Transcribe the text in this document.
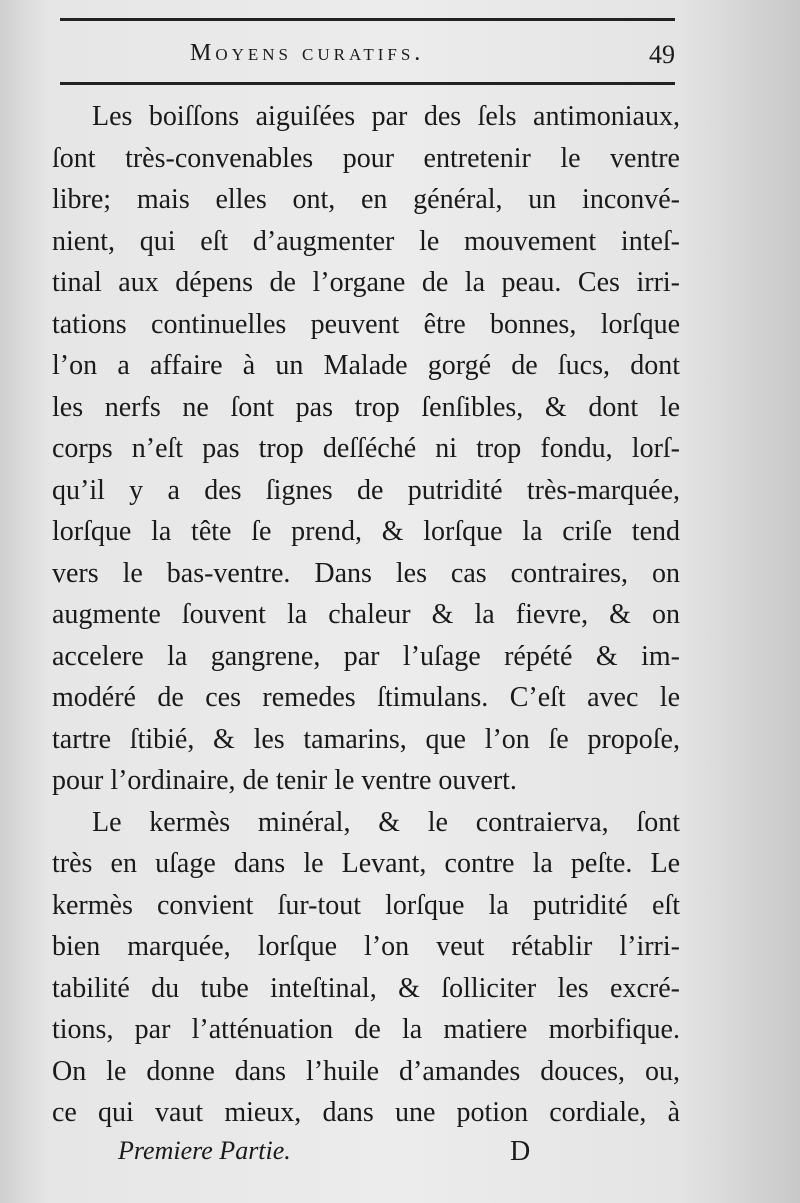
Moyens curatifs.	49
Les boiſſons aiguiſées par des ſels antimoniaux,
ſont très-convenables pour entretenir le ventre
libre; mais elles ont, en général, un inconvé-
nient, qui eſt d’augmenter le mouvement inteſ-
tinal aux dépens de l’organe de la peau. Ces irri-
tations continuelles peuvent être bonnes, lorſque
l’on a affaire à un Malade gorgé de ſucs, dont
les nerfs ne ſont pas trop ſenſibles, & dont le
corps n’eſt pas trop deſſéché ni trop fondu, lorſ-
qu’il y a des ſignes de putridité très-marquée,
lorſque la tête ſe prend, & lorſque la criſe tend
vers le bas-ventre. Dans les cas contraires, on
augmente ſouvent la chaleur & la fievre, & on
accelere la gangrene, par l’uſage répété & im-
modéré de ces remedes ſtimulans. C’eſt avec le
tartre ſtibié, & les tamarins, que l’on ſe propoſe,
pour l’ordinaire, de tenir le ventre ouvert.
Le kermès minéral, & le contraierva, ſont
très en uſage dans le Levant, contre la peſte. Le
kermès convient ſur-tout lorſque la putridité eſt
bien marquée, lorſque l’on veut rétablir l’irri-
tabilité du tube inteſtinal, & ſolliciter les excré-
tions, par l’atténuation de la matiere morbifique.
On le donne dans l’huile d’amandes douces, ou,
ce qui vaut mieux, dans une potion cordiale, à
Premiere Partie.	D
